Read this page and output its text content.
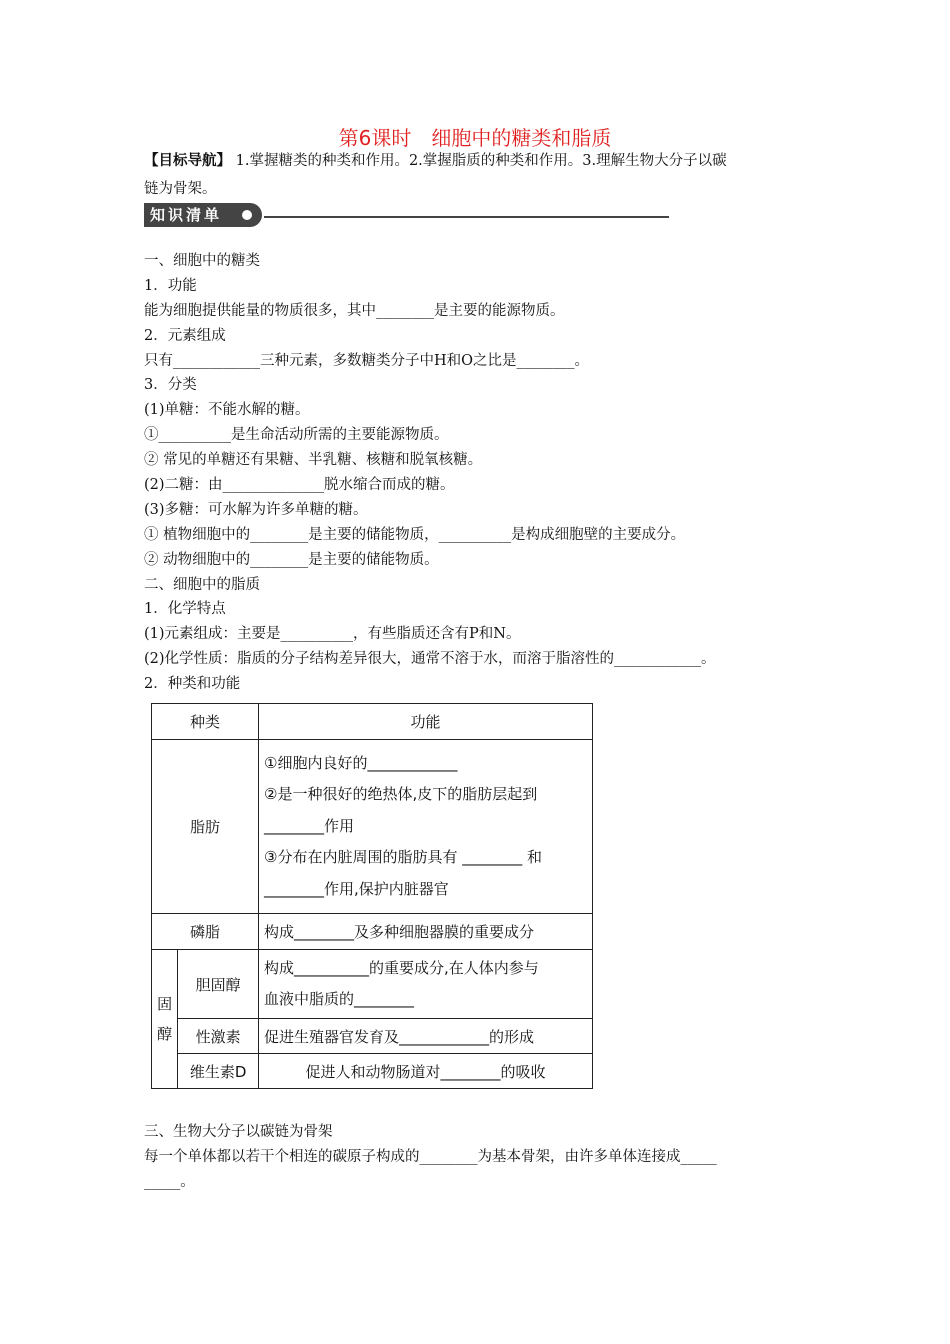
第6课时　细胞中的糖类和脂质
【目标导航】 1.掌握糖类的种类和作用。2.掌握脂质的种类和作用。3.理解生物大分子以碳
链为骨架。
知识清单
一、细胞中的糖类
1．功能
能为细胞提供能量的物质很多，其中________是主要的能源物质。
2．元素组成
只有____________三种元素，多数糖类分子中H和O之比是________。
3．分类
(1)单糖：不能水解的糖。
①__________是生命活动所需的主要能源物质。
② 常见的单糖还有果糖、半乳糖、核糖和脱氧核糖。
(2)二糖：由______________脱水缩合而成的糖。
(3)多糖：可水解为许多单糖的糖。
① 植物细胞中的________是主要的储能物质，__________是构成细胞壁的主要成分。
② 动物细胞中的________是主要的储能物质。
二、细胞中的脂质
1．化学特点
(1)元素组成：主要是__________，有些脂质还含有P和N。
(2)化学性质：脂质的分子结构差异很大，通常不溶于水，而溶于脂溶性的____________。
2．种类和功能
种类		功能
脂肪		①细胞内良好的____________
②是一种很好的绝热体,皮下的脂肪层起到
________作用
③分布在内脏周围的脂肪具有 ________ 和
________作用,保护内脏器官

磷脂		构成________及多种细胞器膜的重要成分
固醇	胆固醇	构成__________的重要成分,在人体内参与
血液中脂质的________

	性激素	促进生殖器官发育及____________的形成
	维生素D	促进人和动物肠道对________的吸收
三、生物大分子以碳链为骨架
每一个单体都以若干个相连的碳原子构成的________为基本骨架，由许多单体连接成_____
_____。
